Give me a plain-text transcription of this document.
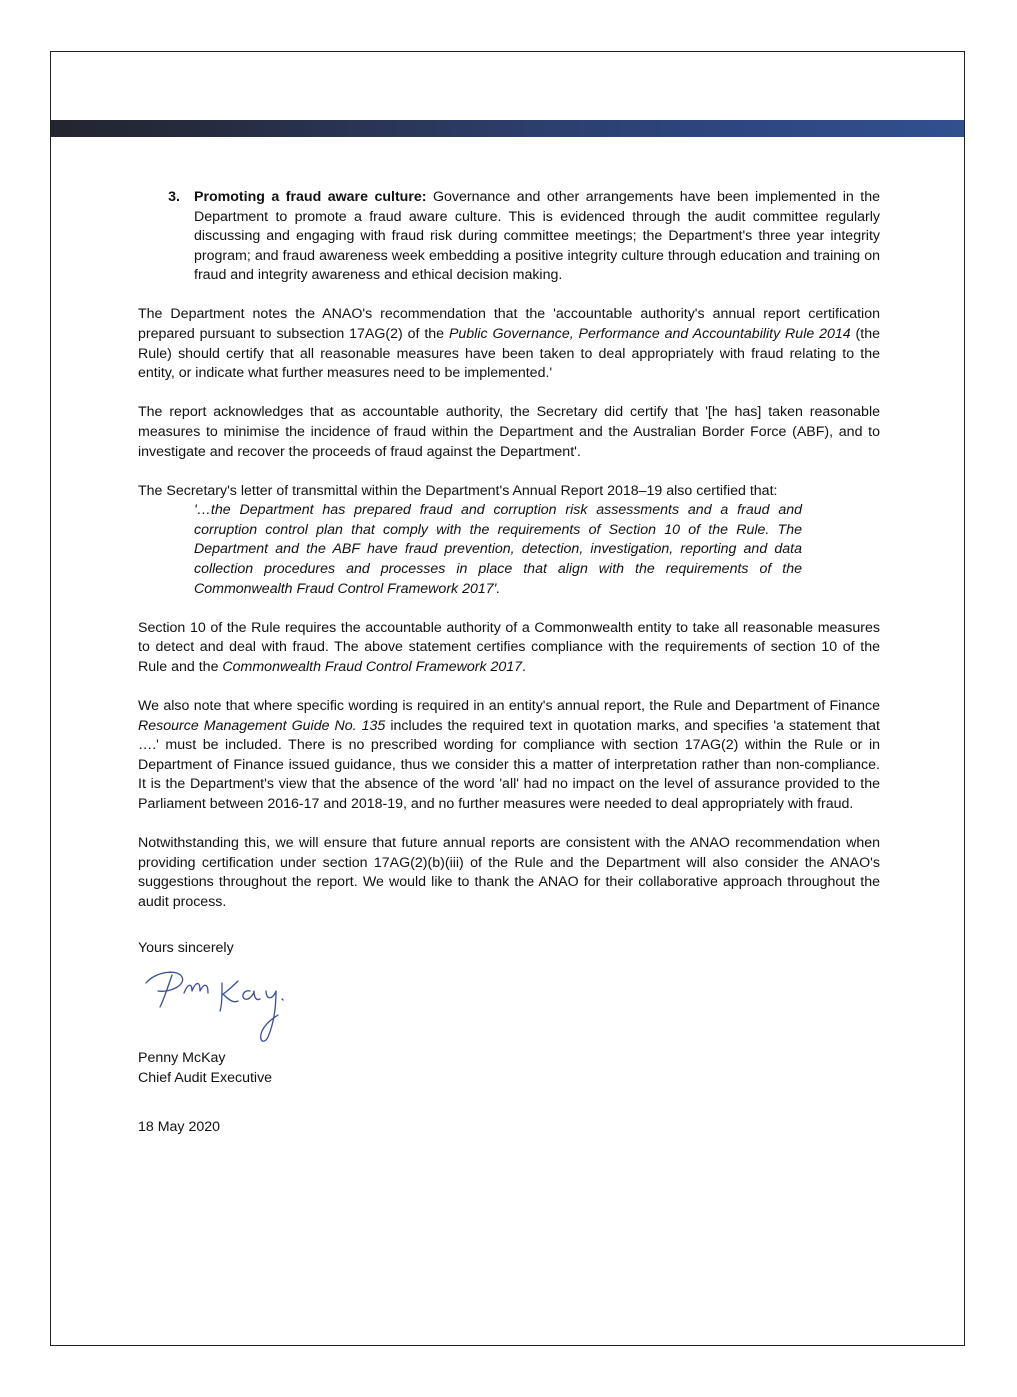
3. Promoting a fraud aware culture: Governance and other arrangements have been implemented in the Department to promote a fraud aware culture. This is evidenced through the audit committee regularly discussing and engaging with fraud risk during committee meetings; the Department's three year integrity program; and fraud awareness week embedding a positive integrity culture through education and training on fraud and integrity awareness and ethical decision making.

The Department notes the ANAO's recommendation that the 'accountable authority's annual report certification prepared pursuant to subsection 17AG(2) of the Public Governance, Performance and Accountability Rule 2014 (the Rule) should certify that all reasonable measures have been taken to deal appropriately with fraud relating to the entity, or indicate what further measures need to be implemented.'

The report acknowledges that as accountable authority, the Secretary did certify that '[he has] taken reasonable measures to minimise the incidence of fraud within the Department and the Australian Border Force (ABF), and to investigate and recover the proceeds of fraud against the Department'.

The Secretary's letter of transmittal within the Department's Annual Report 2018–19 also certified that:

'…the Department has prepared fraud and corruption risk assessments and a fraud and corruption control plan that comply with the requirements of Section 10 of the Rule. The Department and the ABF have fraud prevention, detection, investigation, reporting and data collection procedures and processes in place that align with the requirements of the Commonwealth Fraud Control Framework 2017'.

Section 10 of the Rule requires the accountable authority of a Commonwealth entity to take all reasonable measures to detect and deal with fraud. The above statement certifies compliance with the requirements of section 10 of the Rule and the Commonwealth Fraud Control Framework 2017.

We also note that where specific wording is required in an entity's annual report, the Rule and Department of Finance Resource Management Guide No. 135 includes the required text in quotation marks, and specifies 'a statement that ….' must be included. There is no prescribed wording for compliance with section 17AG(2) within the Rule or in Department of Finance issued guidance, thus we consider this a matter of interpretation rather than non-compliance. It is the Department's view that the absence of the word 'all' had no impact on the level of assurance provided to the Parliament between 2016-17 and 2018-19, and no further measures were needed to deal appropriately with fraud.

Notwithstanding this, we will ensure that future annual reports are consistent with the ANAO recommendation when providing certification under section 17AG(2)(b)(iii) of the Rule and the Department will also consider the ANAO's suggestions throughout the report. We would like to thank the ANAO for their collaborative approach throughout the audit process.

Yours sincerely
P.McKay.
Penny McKay
Chief Audit Executive
18 May 2020
